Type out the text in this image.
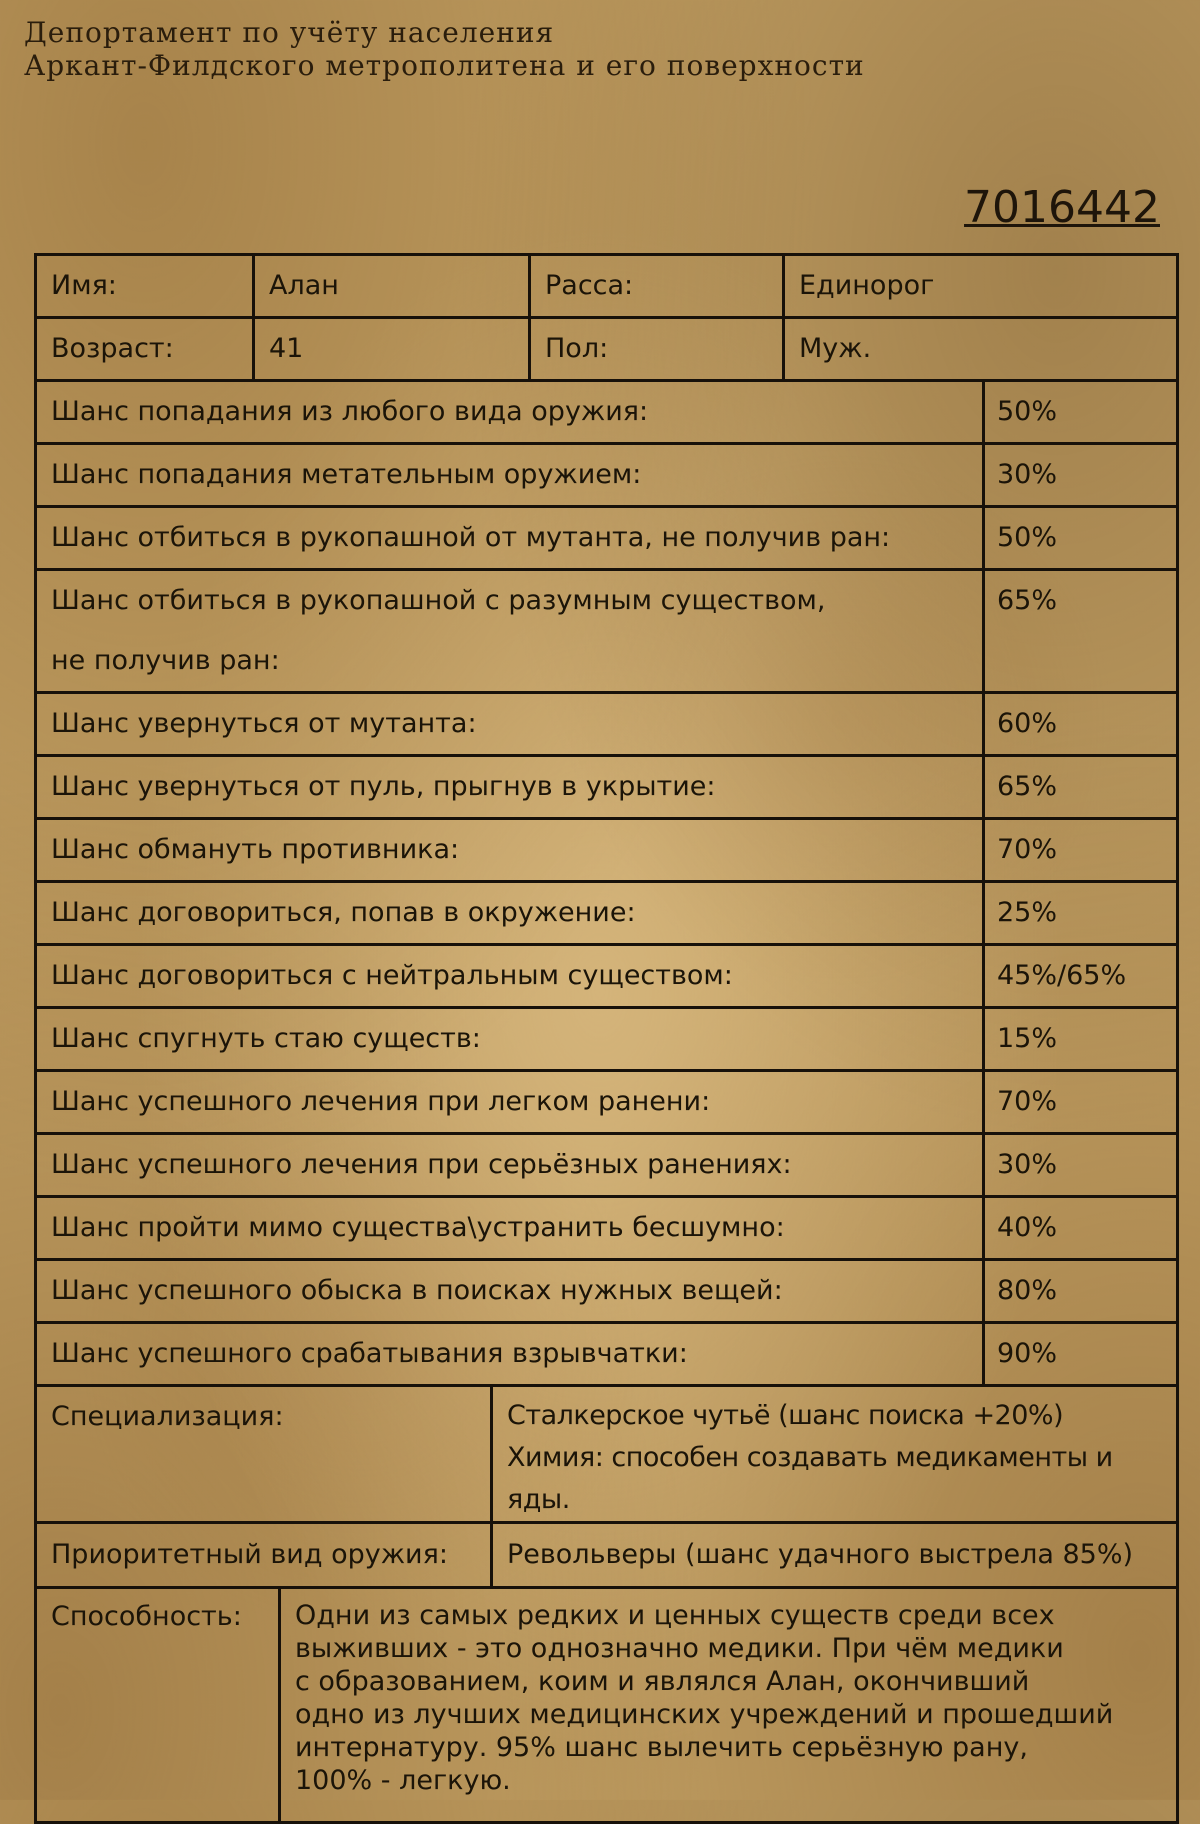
Депортамент по учёту населения
Аркант-Филдского метрополитена и его поверхности
7016442
Имя:	Алан	Расса:	Единорог
Возраст:	41	Пол:	Муж.
Шанс попадания из любого вида оружия:	50%

Шанс попадания метательным оружием:	30%

Шанс отбиться в рукопашной от мутанта, не получив ран:	50%

Шанс отбиться в рукопашной с разумным существом,
не получив ран:	65%

Шанс увернуться от мутанта:	60%

Шанс увернуться от пуль, прыгнув в укрытие:	65%

Шанс обмануть противника:	70%

Шанс договориться, попав в окружение:	25%

Шанс договориться с нейтральным существом:	45%/65%

Шанс спугнуть стаю существ:	15%

Шанс успешного лечения при легком ранени:	70%

Шанс успешного лечения при серьёзных ранениях:	30%

Шанс пройти мимо существа\устранить бесшумно:	40%

Шанс успешного обыска в поисках нужных вещей:	80%

Шанс успешного срабатывания взрывчатки:	90%
Специализация:	Сталкерское чутьё (шанс поиска +20%)
Химия: способен создавать медикаменты и яды.
Приоритетный вид оружия:	Револьверы (шанс удачного выстрела 85%)
Способность:	Одни из самых редких и ценных существ среди всех
выживших - это однозначно медики. При чём медики
с образованием, коим и являлся Алан, окончивший
одно из лучших медицинских учреждений и прошедший
интернатуру. 95% шанс вылечить серьёзную рану,
100% - легкую.
